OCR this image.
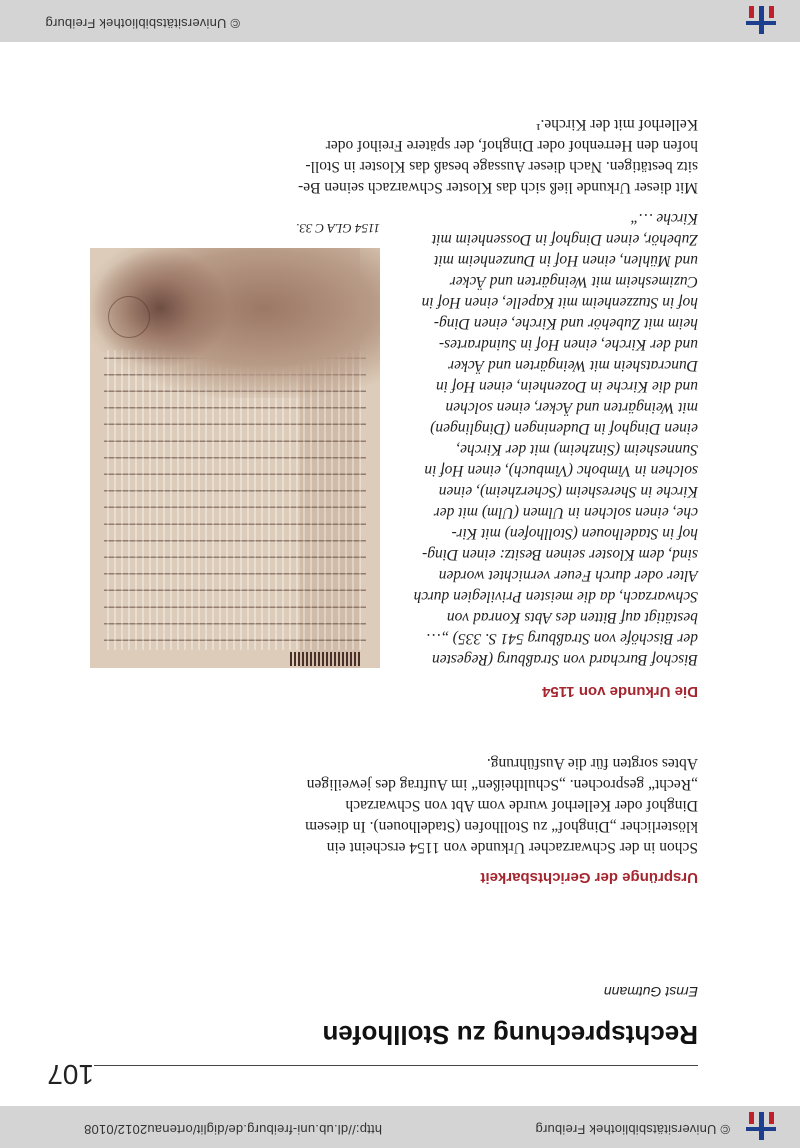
© Universitätsbibliothek Freiburg
http://dl.ub.uni-freiburg.de/diglit/ortenau2012/0108
107
Rechtsprechung zu Stollhofen
Ernst Gutmann
Ursprünge der Gerichtsbarkeit
Schon in der Schwarzacher Urkunde von 1154 erscheint ein
klösterlicher „Dinghof“ zu Stollhofen (Stadelhouen). In diesem
Dinghof oder Kellerhof wurde vom Abt von Schwarzach
„Recht“ gesprochen. „Schultheißen“ im Auftrag des jeweiligen
Abtes sorgten für die Ausführung.
Die Urkunde von 1154
Bischof Burchard von Straßburg (Regesten
der Bischöfe von Straßburg 541 S. 335) „…
bestätigt auf Bitten des Abts Konrad von
Schwarzach, da die meisten Privilegien durch
Alter oder durch Feuer vernichtet worden
sind, dem Kloster seinen Besitz: einen Ding-
hof in Stadelhouen (Stollhofen) mit Kir-
che, einen solchen in Ulmen (Ulm) mit der
Kirche in Sheresheim (Scherzheim), einen
solchen in Vimbohc (Vimbuch), einen Hof in
Sunnesheim (Sinzheim) mit der Kirche,
einen Dinghof in Dudeningen (Dinglingen)
mit Weingärten und Äcker, einen solchen
und die Kirche in Dozenhein, einen Hof in
Duncratshein mit Weingärten und Äcker
und der Kirche, einen Hof in Suindrartes-
heim mit Zubehör und Kirche, einen Ding-
hof in Stuzzenheim mit Kapelle, einen Hof in
Cuzimesheim mit Weingärten und Äcker
und Mühlen, einen Hof in Dunzenheim mit
Zubehör, einen Dinghof in Dossenheim mit
Kirche …“
1154 GLA C 33.
Mit dieser Urkunde ließ sich das Kloster Schwarzach seinen Be-
sitz bestätigen. Nach dieser Aussage besaß das Kloster in Stoll-
hofen den Herrenhof oder Dinghof, der spätere Freihof oder
Kellerhof mit der Kirche.¹
© Universitätsbibliothek Freiburg
